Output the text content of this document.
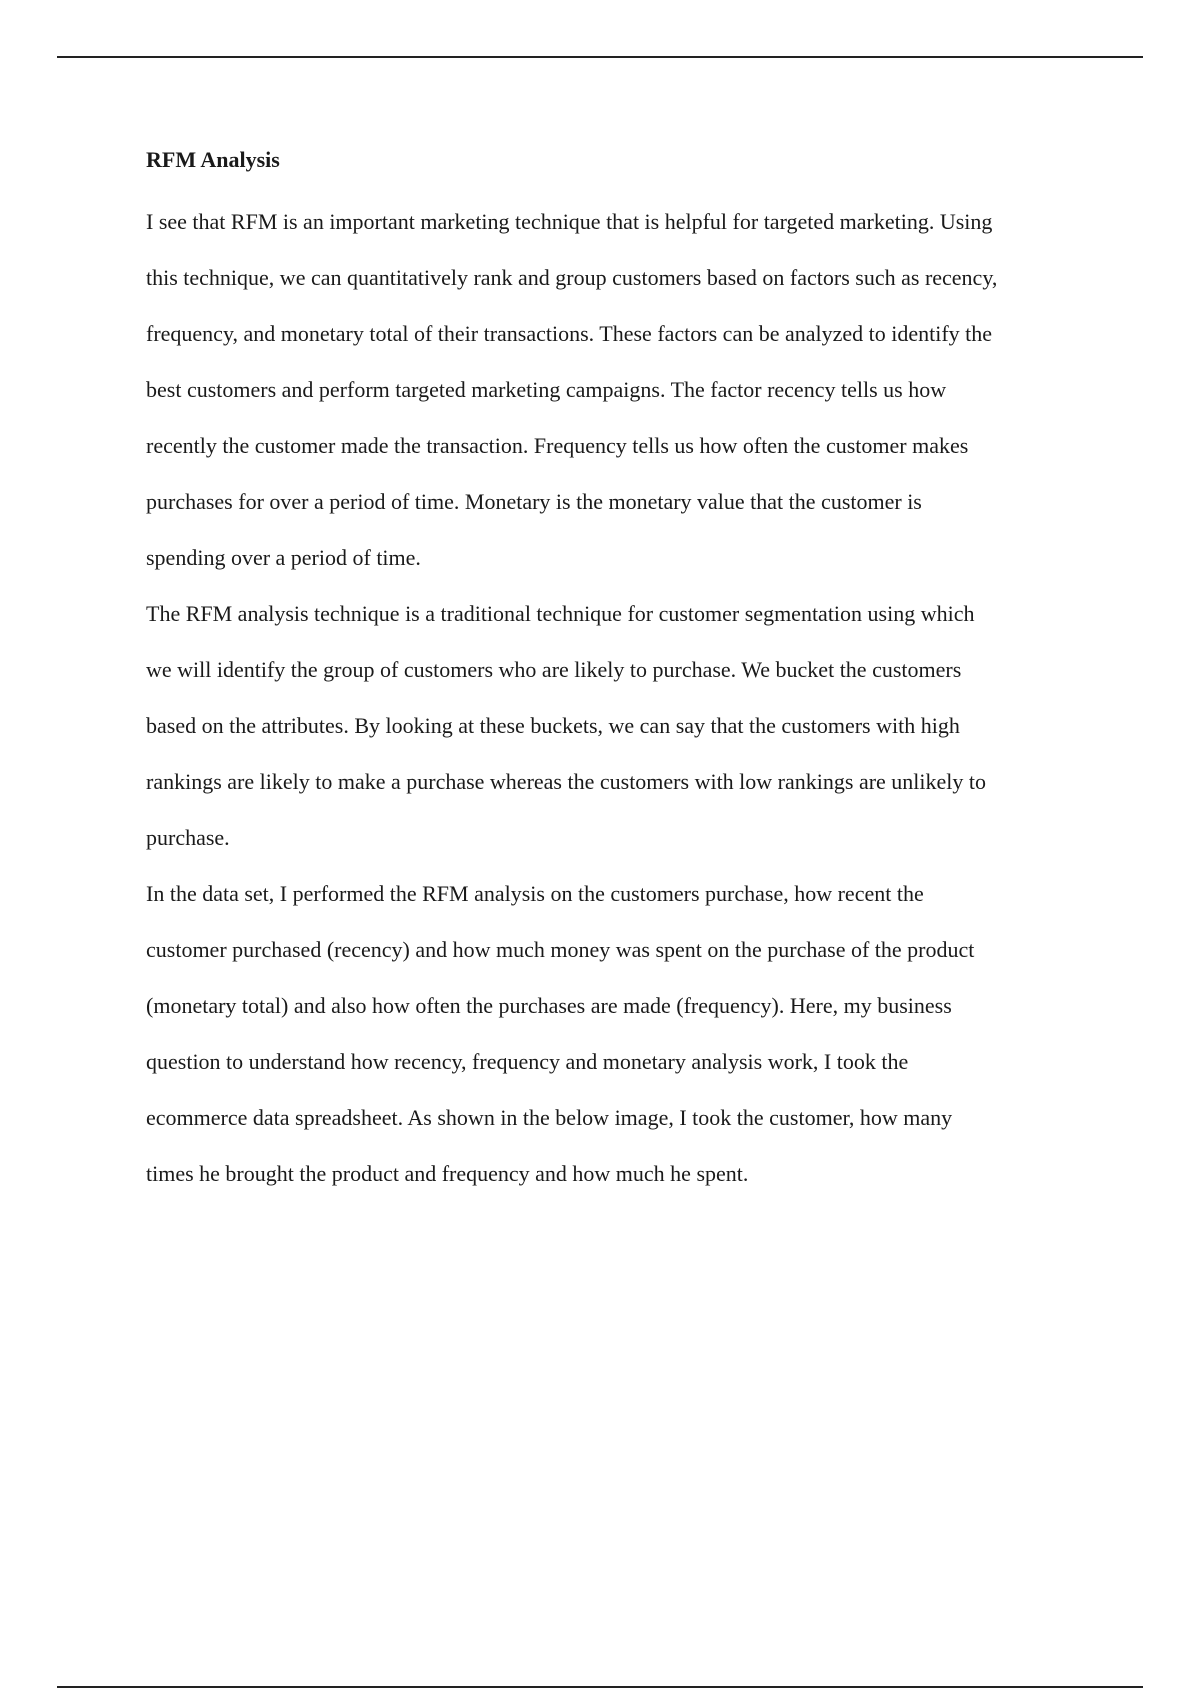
RFM Analysis

I see that RFM is an important marketing technique that is helpful for targeted marketing. Using
this technique, we can quantitatively rank and group customers based on factors such as recency,
frequency, and monetary total of their transactions. These factors can be analyzed to identify the
best customers and perform targeted marketing campaigns. The factor recency tells us how
recently the customer made the transaction. Frequency tells us how often the customer makes
purchases for over a period of time. Monetary is the monetary value that the customer is
spending over a period of time.

The RFM analysis technique is a traditional technique for customer segmentation using which
we will identify the group of customers who are likely to purchase. We bucket the customers
based on the attributes. By looking at these buckets, we can say that the customers with high
rankings are likely to make a purchase whereas the customers with low rankings are unlikely to
purchase.

In the data set, I performed the RFM analysis on the customers purchase, how recent the
customer purchased (recency) and how much money was spent on the purchase of the product
(monetary total) and also how often the purchases are made (frequency). Here, my business
question to understand how recency, frequency and monetary analysis work, I took the
ecommerce data spreadsheet. As shown in the below image, I took the customer, how many
times he brought the product and frequency and how much he spent.
